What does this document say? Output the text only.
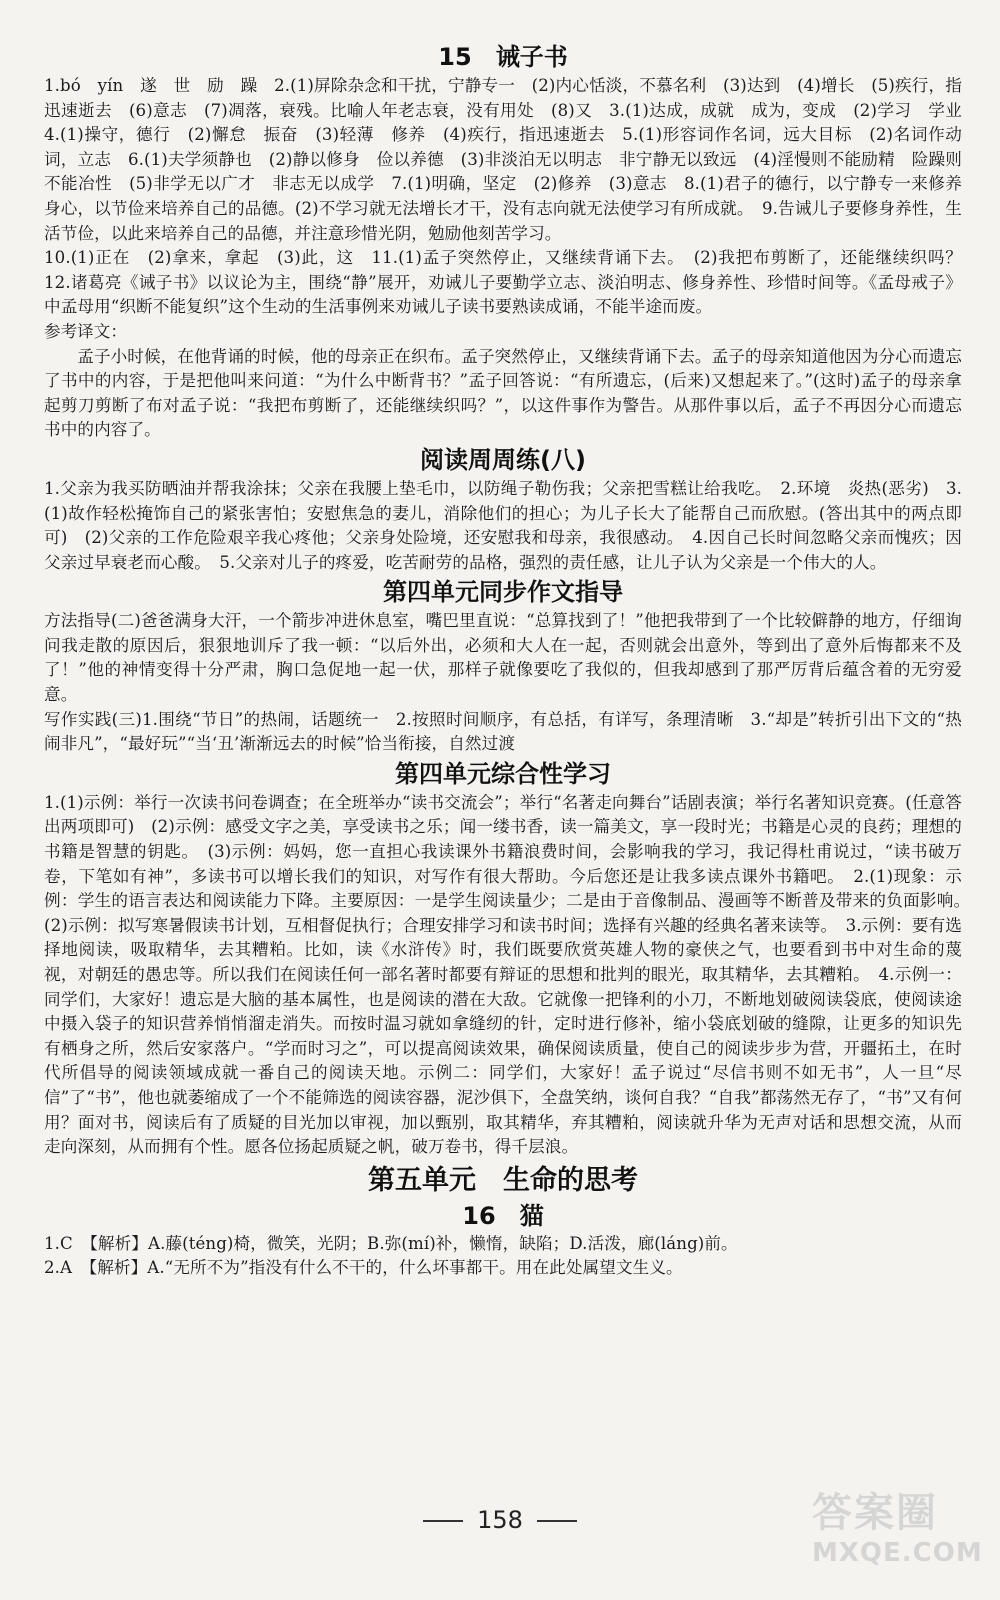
15　诫子书

1.bó　yín　遂　世　励　躁　2.(1)屏除杂念和干扰，宁静专一　(2)内心恬淡，不慕名利　(3)达到　(4)增长　(5)疾行，指迅速逝去　(6)意志　(7)凋落，衰残。比喻人年老志衰，没有用处　(8)又　3.(1)达成，成就　成为，变成　(2)学习　学业　4.(1)操守，德行　(2)懈怠　振奋　(3)轻薄　修养　(4)疾行，指迅速逝去　5.(1)形容词作名词，远大目标　(2)名词作动词，立志　6.(1)夫学须静也　(2)静以修身　俭以养德　(3)非淡泊无以明志　非宁静无以致远　(4)淫慢则不能励精　险躁则不能冶性　(5)非学无以广才　非志无以成学　7.(1)明确，坚定　(2)修养　(3)意志　8.(1)君子的德行，以宁静专一来修养身心，以节俭来培养自己的品德。(2)不学习就无法增长才干，没有志向就无法使学习有所成就。　9.告诫儿子要修身养性，生活节俭，以此来培养自己的品德，并注意珍惜光阴，勉励他刻苦学习。

10.(1)正在　(2)拿来，拿起　(3)此，这　11.(1)孟子突然停止，又继续背诵下去。　(2)我把布剪断了，还能继续织吗？　12.诸葛亮《诫子书》以议论为主，围绕“静”展开，劝诫儿子要勤学立志、淡泊明志、修身养性、珍惜时间等。《孟母戒子》中孟母用“织断不能复织”这个生动的生活事例来劝诫儿子读书要熟读成诵，不能半途而废。

参考译文：

孟子小时候，在他背诵的时候，他的母亲正在织布。孟子突然停止，又继续背诵下去。孟子的母亲知道他因为分心而遗忘了书中的内容，于是把他叫来问道：“为什么中断背书？”孟子回答说：“有所遗忘，(后来)又想起来了。”(这时)孟子的母亲拿起剪刀剪断了布对孟子说：“我把布剪断了，还能继续织吗？”，以这件事作为警告。从那件事以后，孟子不再因分心而遗忘书中的内容了。

阅读周周练(八)

1.父亲为我买防晒油并帮我涂抹；父亲在我腰上垫毛巾，以防绳子勒伤我；父亲把雪糕让给我吃。　2.环境　炎热(恶劣)　3.(1)故作轻松掩饰自己的紧张害怕；安慰焦急的妻儿，消除他们的担心；为儿子长大了能帮自己而欣慰。(答出其中的两点即可)　(2)父亲的工作危险艰辛我心疼他；父亲身处险境，还安慰我和母亲，我很感动。　4.因自己长时间忽略父亲而愧疚；因父亲过早衰老而心酸。　5.父亲对儿子的疼爱，吃苦耐劳的品格，强烈的责任感，让儿子认为父亲是一个伟大的人。

第四单元同步作文指导

方法指导(二)爸爸满身大汗，一个箭步冲进休息室，嘴巴里直说：“总算找到了！”他把我带到了一个比较僻静的地方，仔细询问我走散的原因后，狠狠地训斥了我一顿：“以后外出，必须和大人在一起，否则就会出意外，等到出了意外后悔都来不及了！”他的神情变得十分严肃，胸口急促地一起一伏，那样子就像要吃了我似的，但我却感到了那严厉背后蕴含着的无穷爱意。

写作实践(三)1.围绕“节日”的热闹，话题统一　2.按照时间顺序，有总括，有详写，条理清晰　3.“却是”转折引出下文的“热闹非凡”，“最好玩”“当‘丑’渐渐远去的时候”恰当衔接，自然过渡

第四单元综合性学习

1.(1)示例：举行一次读书问卷调查；在全班举办“读书交流会”；举行“名著走向舞台”话剧表演；举行名著知识竞赛。(任意答出两项即可)　(2)示例：感受文字之美，享受读书之乐；闻一缕书香，读一篇美文，享一段时光；书籍是心灵的良药；理想的书籍是智慧的钥匙。　(3)示例：妈妈，您一直担心我读课外书籍浪费时间，会影响我的学习，我记得杜甫说过，“读书破万卷，下笔如有神”，多读书可以增长我们的知识，对写作有很大帮助。今后您还是让我多读点课外书籍吧。　2.(1)现象：示例：学生的语言表达和阅读能力下降。主要原因：一是学生阅读量少；二是由于音像制品、漫画等不断普及带来的负面影响。　(2)示例：拟写寒暑假读书计划，互相督促执行；合理安排学习和读书时间；选择有兴趣的经典名著来读等。　3.示例：要有选择地阅读，吸取精华，去其糟粕。比如，读《水浒传》时，我们既要欣赏英雄人物的豪侠之气，也要看到书中对生命的蔑视，对朝廷的愚忠等。所以我们在阅读任何一部名著时都要有辩证的思想和批判的眼光，取其精华，去其糟粕。　4.示例一：同学们，大家好！遗忘是大脑的基本属性，也是阅读的潜在大敌。它就像一把锋利的小刀，不断地划破阅读袋底，使阅读途中摄入袋子的知识营养悄悄溜走消失。而按时温习就如拿缝纫的针，定时进行修补，缩小袋底划破的缝隙，让更多的知识先有栖身之所，然后安家落户。“学而时习之”，可以提高阅读效果，确保阅读质量，使自己的阅读步步为营，开疆拓土，在时代所倡导的阅读领域成就一番自己的阅读天地。示例二：同学们，大家好！孟子说过“尽信书则不如无书”，人一旦“尽信”了“书”，他也就萎缩成了一个不能筛选的阅读容器，泥沙俱下，全盘笑纳，谈何自我？“自我”都荡然无存了，“书”又有何用？面对书，阅读后有了质疑的目光加以审视，加以甄别，取其精华，弃其糟粕，阅读就升华为无声对话和思想交流，从而走向深刻，从而拥有个性。愿各位扬起质疑之帆，破万卷书，得千层浪。

第五单元　生命的思考
16　猫

1.C　【解析】A.藤(téng)椅，微笑，光阴；B.弥(mí)补，懒惰，缺陷；D.活泼，廊(láng)前。

2.A　【解析】A.“无所不为”指没有什么不干的，什么坏事都干。用在此处属望文生义。

158	答案圈
MXQE.COM
